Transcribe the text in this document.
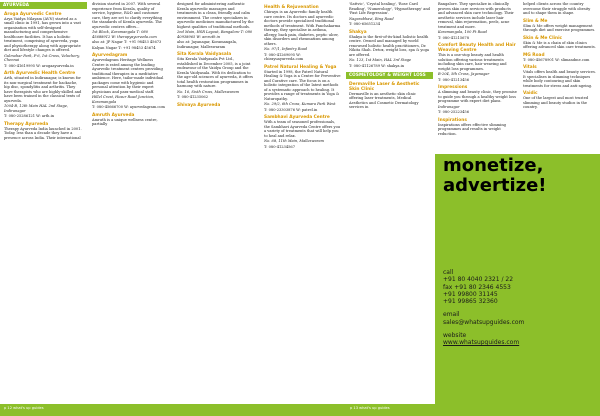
AYURVEDA
Aroga Ayurvedic Centre
Arya Vaidya Nilayam (AVN) started as a small clinic in 1991, has grown into a vast organisation with self-designed manufacturing and comprehensive healthcare facilities. It has a holistic treatment, comprising of ayurveda, yoga and physiotherapy along with appropriate diet and lifestyle changes is offered.
Gulmohar Park, F-6, 1st Cross, Velachery, Chennai
T: 080-41619995 W: arogaayurveda.in
Arth Ayurvedic Health Centre
Arth, situated in Indiranagar, is known for its non-surgical treatment for backache, hip disc, spondylitis and arthritis. They have therapists who are highly-skilled and have been trained in the classical texts of ayurveda.
1004-B, 12th Main HAL 2nd Stage, Indiranagar
T: 080-25286121 W: arth.in
Therapy Ayurveda
Therapy Ayurveda India launched in 2001. Today, less than a decade they have a presence across India. Their international
division started in 2007. With several experience from Kerala, quality of service, hygiene, R&D and customer care, they are set to clarify everything the standards of Kerala ayurveda. The ayurvedic centres offers...
1st Block, Koramangala T: 080 45688912 W: therapyayurveda.com
also at: JP Nagar T: +91 98453 45673
Kalyan Nagar T: +91 98453 45674
Ayurvedagram
Ayurvedagram Heritage Wellness Centre is rated among the leading Ayurvedic treatment centres providing traditional therapies in a meditative ambience. Here, tailor-made individual packages come with hygienic and personal attention by their expert physicians and para-medical staff.
Hillel Crest, Hosur Road Junction, Koramangala
T: 080-45666700 W: ayurvedagram.com
Amruth Ayurveda
Amruth is a unique wellness centre, partially
designed for administering authentic Kerala ayurvedic massages and treatments in a clean, friendly and calm environment. The centre specializes in ayurvedic medicines manufactured by the highest qualities of traditional methods.
2nd Main, HSR Layout, Bangalore T: 080 40938965 W: amruth.in
also at: Jayanagar, Koramangala, Indiranagar, Malleswaram
Sita Kerala Vaidyasala
Sita Kerala Vaidyasala Pvt Ltd., established in December 2005, is a joint endeavour of the Vaidya Group and the Kerala Vaidyasala. With its dedication to the age-old sciences of ayurveda, it offers total health restoration programmes in harmony with nature.
No. 16, Sixth Cross, Malleswaram
T: 080-41235062
Shivaya Ayurveda
Health & Rejuvenation
Chirayu is an Ayurvedic family health care centre. Its doctors and ayurvedic doctors provide specialised traditional methods of treatment. With Panchakarma therapy, they specialise in asthma, allergy, back pain, diabetes, peptic ulcer, skin disorders and rheumatism among others.
No. 97/1, Infantry Road
T: 080-41269095 W: chirayuayurveda.com
Patrel Natural Healing & Yoga
Started in 1998, the Patrel Natural Healing & Yoga is a Centre for Preventive and Curative care. The focus is on a holistic integration of the latest methods of a systematic approach to healing. It provides a range of treatments in Yoga & Naturopathy.
No. 29/2, 6th Cross, Kumara Park West
T: 080-23303876 W: patrel.in
Sambhavi Ayurveda Centre
With a team of seasoned professionals, the Sambhavi Ayurveda Centre offers you a variety of treatments that will help you to heal and relax.
No. 68, 11th Main, Malleswaram
T: 080-41234567
'Sattvic', 'Crystal healing', 'Rose Card Reading', 'Numerology', 'Hypnotherapy' and 'Past Life Regression'.
Nagarabhavi, Ring Road
T: 080-65651234
Shakya
Shakya is the first-of-its-kind holistic health centre. Owned and managed by world renowned holistic health practitioners, Dr. Nikita Shah. Detox, weight loss, spa & yoga are offered.
No. 123, 1st Main, HAL 3rd Stage
T: 080-41126789 W: shakya.in
COSMETOLOGY & WEIGHT LOSS
Dermaville Laser & Aesthetic Skin Clinic
Dermaville is an aesthetic skin clinic offering laser treatments, Medical Aesthetics and Cosmetic Dermatology services in
Bangalore. They specialize in clinically proven skin care services with products and advanced skin care technology. Their aesthetic services include laser hair removal, skin rejuvenation, peels, acne treatment and more.
Koramangala, 100 Ft Road
T: 080-41215678
Comfort Beauty Health and Hair Weaving Centre
This is a one-stop beauty and health solution offering various treatments including skin care, hair weaving and weight loss programmes.
B-204, 5th Cross, Jayanagar
T: 080-41213456
Impressions
A slimming and beauty clinic, they promise to guide you through a healthy weight loss programme with expert diet plans.
Indiranagar
T: 080-25223456
Inspirations
Inspirations offers effective slimming programmes and results in weight reduction.
helped clients across the country overcome their struggle with obesity and to shape them in shape.
Slim & Me
Slim & Me offers weight management through diet and exercise programmes.
Skin & Me Clinic
Skin & Me is a chain of skin clinics offering advanced skin care treatments.
MG Road
T: 080-45678901 W: slimandme.com
Vitals
Vitals offers health and beauty services. It specialises in slimming techniques while body contouring and skin treatments for stress and anti-ageing.
Vaidic
One of the largest and most trusted slimming and beauty studios in the country.
monetize,
advertize!
call
+91 80 4040 2321 / 22
fax +91 80 2346 4553
+91 99800 31145
+91 99865 32360
email
sales@whatsupguides.com
website
www.whatsupguides.com
p 12 what's up guides	p 13 what's up guides
